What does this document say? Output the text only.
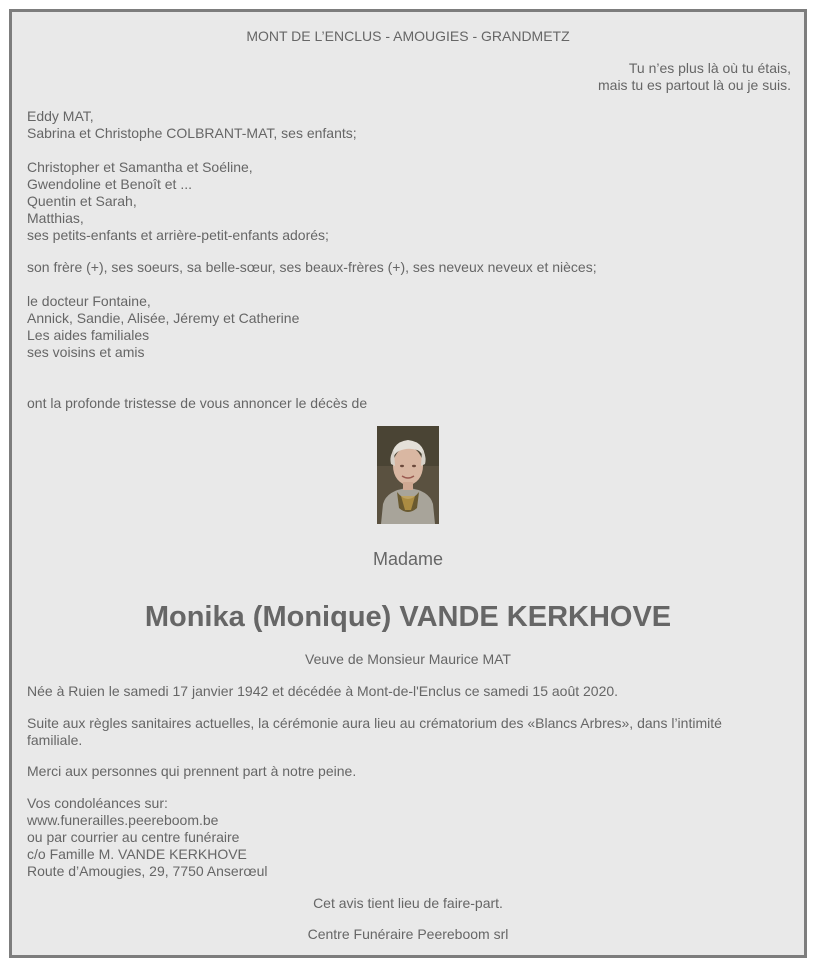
MONT DE L’ENCLUS - AMOUGIES - GRANDMETZ
Tu n’es plus là où tu étais,
mais tu es partout là ou je suis.
Eddy MAT,
Sabrina et Christophe COLBRANT-MAT, ses enfants;
Christopher et Samantha et Soéline,
Gwendoline et Benoît et ...
Quentin et Sarah,
Matthias,
ses petits-enfants et arrière-petit-enfants adorés;
son frère (+), ses soeurs, sa belle-sœur, ses beaux-frères (+), ses neveux neveux et nièces;
le docteur Fontaine,
Annick, Sandie, Alisée, Jéremy et Catherine
Les aides familiales
ses voisins et amis
ont la profonde tristesse de vous annoncer le décès de
Madame
Monika (Monique) VANDE KERKHOVE
Veuve de Monsieur Maurice MAT
Née à Ruien le samedi 17 janvier 1942 et décédée à Mont-de-l'Enclus ce samedi 15 août 2020.
Suite aux règles sanitaires actuelles, la cérémonie aura lieu au crématorium des «Blancs Arbres», dans l’intimité
familiale.
Merci aux personnes qui prennent part à notre peine.
Vos condoléances sur:
www.funerailles.peereboom.be
ou par courrier au centre funéraire
c/o Famille M. VANDE KERKHOVE
Route d’Amougies, 29, 7750 Anserœul
Cet avis tient lieu de faire-part.
Centre Funéraire Peereboom srl
